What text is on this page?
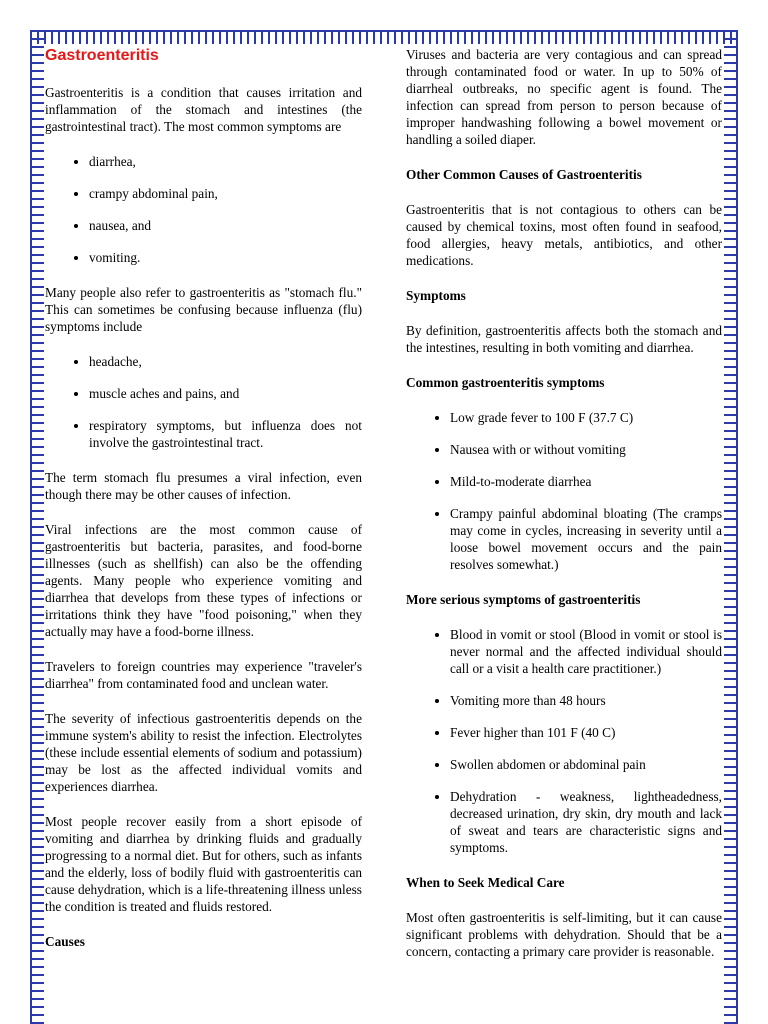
Gastroenteritis

Gastroenteritis is a condition that causes irritation and inflammation of the stomach and intestines (the gastrointestinal tract). The most common symptoms are

• diarrhea,
• crampy abdominal pain,
• nausea, and
• vomiting.

Many people also refer to gastroenteritis as "stomach flu." This can sometimes be confusing because influenza (flu) symptoms include

• headache,
• muscle aches and pains, and
• respiratory symptoms, but influenza does not involve the gastrointestinal tract.

The term stomach flu presumes a viral infection, even though there may be other causes of infection.

Viral infections are the most common cause of gastroenteritis but bacteria, parasites, and food-borne illnesses (such as shellfish) can also be the offending agents. Many people who experience vomiting and diarrhea that develops from these types of infections or irritations think they have "food poisoning," when they actually may have a food-borne illness.

Travelers to foreign countries may experience "traveler's diarrhea" from contaminated food and unclean water.

The severity of infectious gastroenteritis depends on the immune system's ability to resist the infection. Electrolytes (these include essential elements of sodium and potassium) may be lost as the affected individual vomits and experiences diarrhea.

Most people recover easily from a short episode of vomiting and diarrhea by drinking fluids and gradually progressing to a normal diet. But for others, such as infants and the elderly, loss of bodily fluid with gastroenteritis can cause dehydration, which is a life-threatening illness unless the condition is treated and fluids restored.

Causes

Viruses and bacteria are very contagious and can spread through contaminated food or water. In up to 50% of diarrheal outbreaks, no specific agent is found. The infection can spread from person to person because of improper handwashing following a bowel movement or handling a soiled diaper.

Other Common Causes of Gastroenteritis

Gastroenteritis that is not contagious to others can be caused by chemical toxins, most often found in seafood, food allergies, heavy metals, antibiotics, and other medications.

Symptoms

By definition, gastroenteritis affects both the stomach and the intestines, resulting in both vomiting and diarrhea.

Common gastroenteritis symptoms
• Low grade fever to 100 F (37.7 C)
• Nausea with or without vomiting
• Mild-to-moderate diarrhea
• Crampy painful abdominal bloating (The cramps may come in cycles, increasing in severity until a loose bowel movement occurs and the pain resolves somewhat.)
More serious symptoms of gastroenteritis
• Blood in vomit or stool (Blood in vomit or stool is never normal and the affected individual should call or a visit a health care practitioner.)
• Vomiting more than 48 hours
• Fever higher than 101 F (40 C)
• Swollen abdomen or abdominal pain
• Dehydration - weakness, lightheadedness, decreased urination, dry skin, dry mouth and lack of sweat and tears are characteristic signs and symptoms.
When to Seek Medical Care

Most often gastroenteritis is self-limiting, but it can cause significant problems with dehydration. Should that be a concern, contacting a primary care provider is reasonable.
